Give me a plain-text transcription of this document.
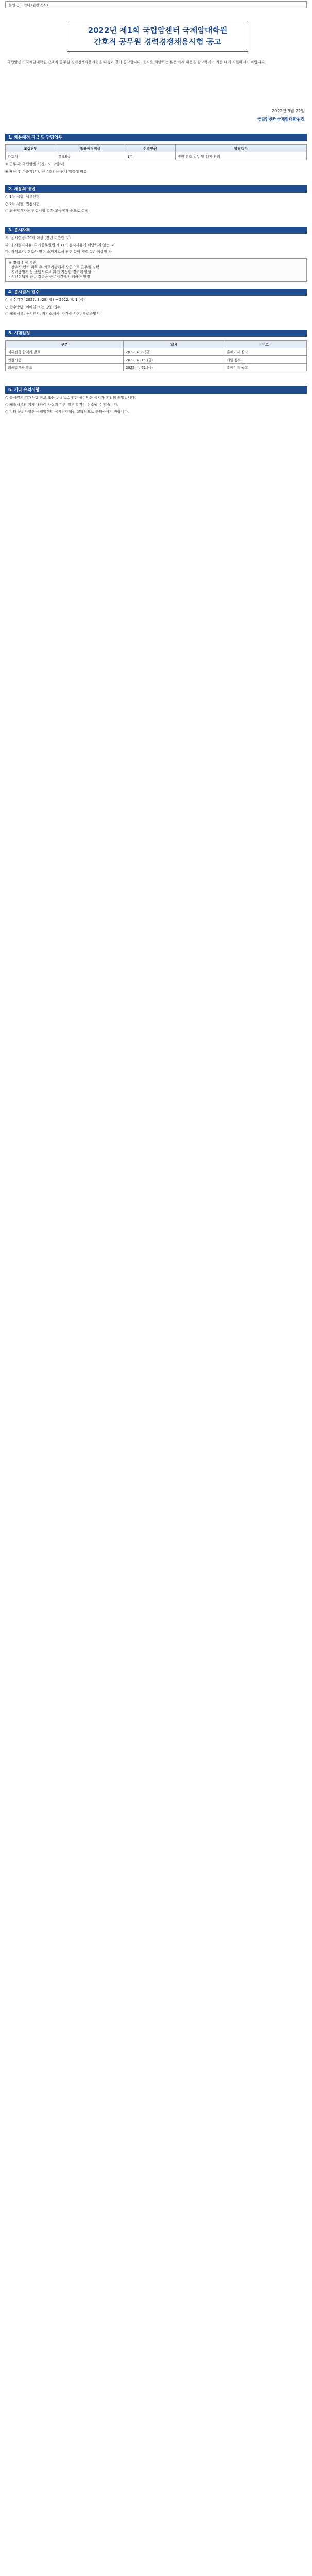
붙임 공고 안내 (관련 서식)
2022년 제1회 국립암센터 국제암대학원
간호직 공무원 경력경쟁채용시험 공고
국립암센터 국제암대학원 간호직 공무원 경력경쟁채용시험을 다음과 같이 공고합니다. 응시를 희망하는 분은 아래 내용을 참고하시어 기한 내에 지원하시기 바랍니다.
2022년 3월 22일
국립암센터국제암대학원장
1. 채용예정 직급 및 담당업무
모집단위	임용예정직급	선발인원	담당업무
간호직	간호8급	1명	병원 간호 업무 및 환자 관리
※ 근무지: 국립암센터(경기도 고양시)
※ 채용 후 수습기간 및 근무조건은 관계 법령에 따름
2. 채용의 방법
○ 1차 시험: 서류전형
○ 2차 시험: 면접시험
○ 최종합격자는 면접시험 결과 고득점자 순으로 결정
3. 응시자격
가. 응시연령: 20세 이상 (정년 미만인 자)
나. 응시결격사유: 국가공무원법 제33조 결격사유에 해당하지 않는 자
다. 자격요건: 간호사 면허 소지자로서 관련 분야 경력 1년 이상인 자
※ 경력 인정 기준
- 간호사 면허 취득 후 의료기관에서 상근으로 근무한 경력
- 경력증명서 등 증빙서류로 확인 가능한 경력에 한함
- 시간선택제 근무 경력은 근무시간에 비례하여 인정
4. 응시원서 접수
○ 접수기간: 2022. 3. 28.(월) ~ 2022. 4. 1.(금)
○ 접수방법: 이메일 또는 방문 접수
○ 제출서류: 응시원서, 자기소개서, 자격증 사본, 경력증명서
5. 시험일정
구분	일시	비고
서류전형 합격자 발표	2022. 4. 8.(금)	홈페이지 공고
면접시험	2022. 4. 15.(금)	개별 통보
최종합격자 발표	2022. 4. 22.(금)	홈페이지 공고
6. 기타 유의사항
○ 응시원서 기재사항 착오 또는 누락으로 인한 불이익은 응시자 본인의 책임입니다.
○ 제출서류의 기재 내용이 사실과 다른 경우 합격이 취소될 수 있습니다.
○ 기타 문의사항은 국립암센터 국제암대학원 교학팀으로 문의하시기 바랍니다.
